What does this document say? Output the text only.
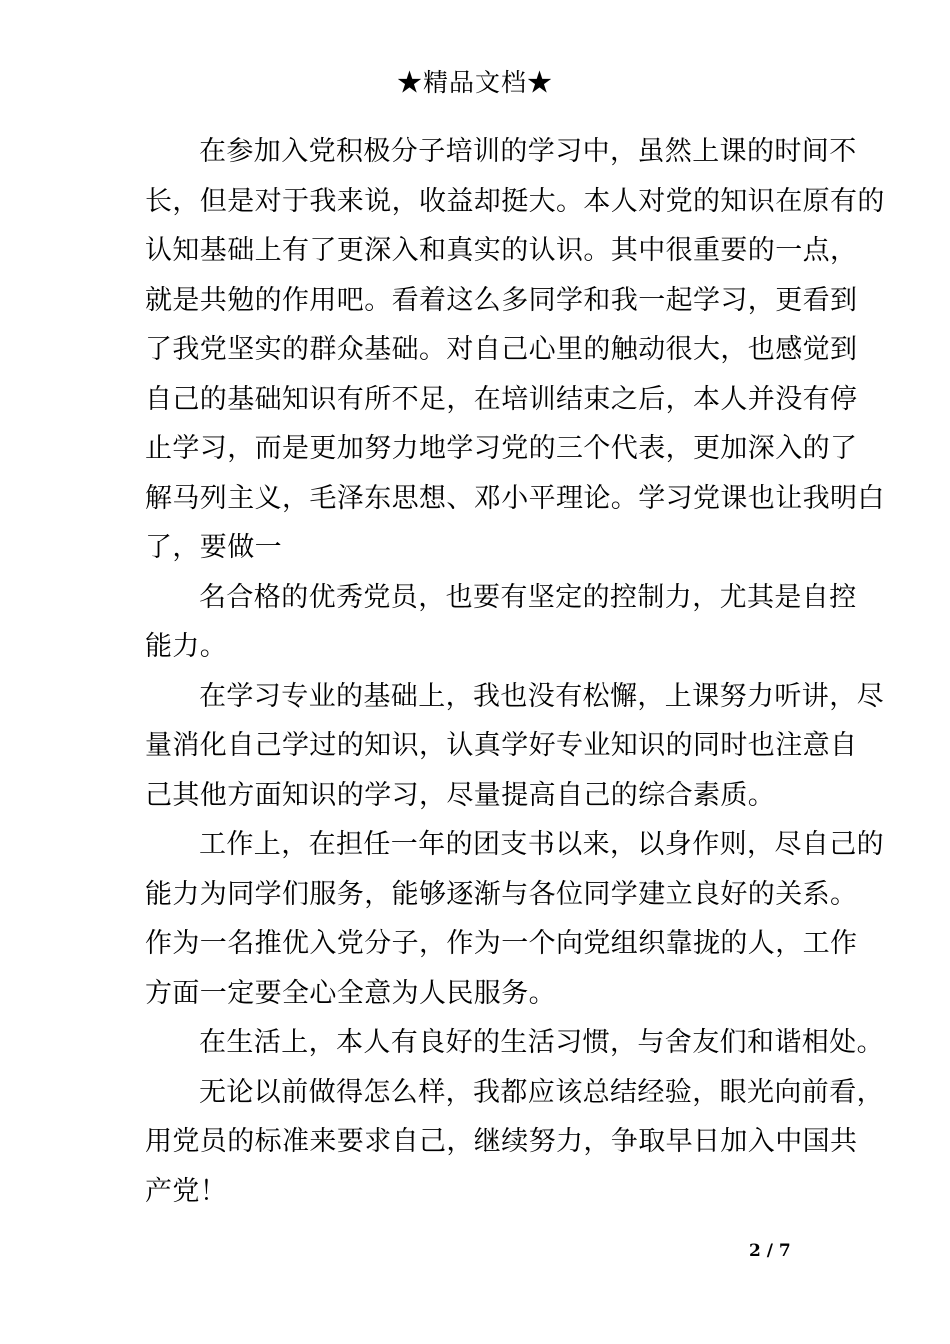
★精品文档★

在参加入党积极分子培训的学习中，虽然上课的时间不
长，但是对于我来说，收益却挺大。本人对党的知识在原有的
认知基础上有了更深入和真实的认识。其中很重要的一点，
就是共勉的作用吧。看着这么多同学和我一起学习，更看到
了我党坚实的群众基础。对自己心里的触动很大，也感觉到
自己的基础知识有所不足，在培训结束之后，本人并没有停
止学习，而是更加努力地学习党的三个代表，更加深入的了
解马列主义，毛泽东思想、邓小平理论。学习党课也让我明白
了，要做一

名合格的优秀党员，也要有坚定的控制力，尤其是自控
能力。

在学习专业的基础上，我也没有松懈，上课努力听讲，尽
量消化自己学过的知识，认真学好专业知识的同时也注意自
己其他方面知识的学习，尽量提高自己的综合素质。

工作上，在担任一年的团支书以来，以身作则，尽自己的
能力为同学们服务，能够逐渐与各位同学建立良好的关系。
作为一名推优入党分子，作为一个向党组织靠拢的人，工作
方面一定要全心全意为人民服务。

在生活上，本人有良好的生活习惯，与舍友们和谐相处。

无论以前做得怎么样，我都应该总结经验，眼光向前看，
用党员的标准来要求自己，继续努力，争取早日加入中国共
产党！

2 / 7
